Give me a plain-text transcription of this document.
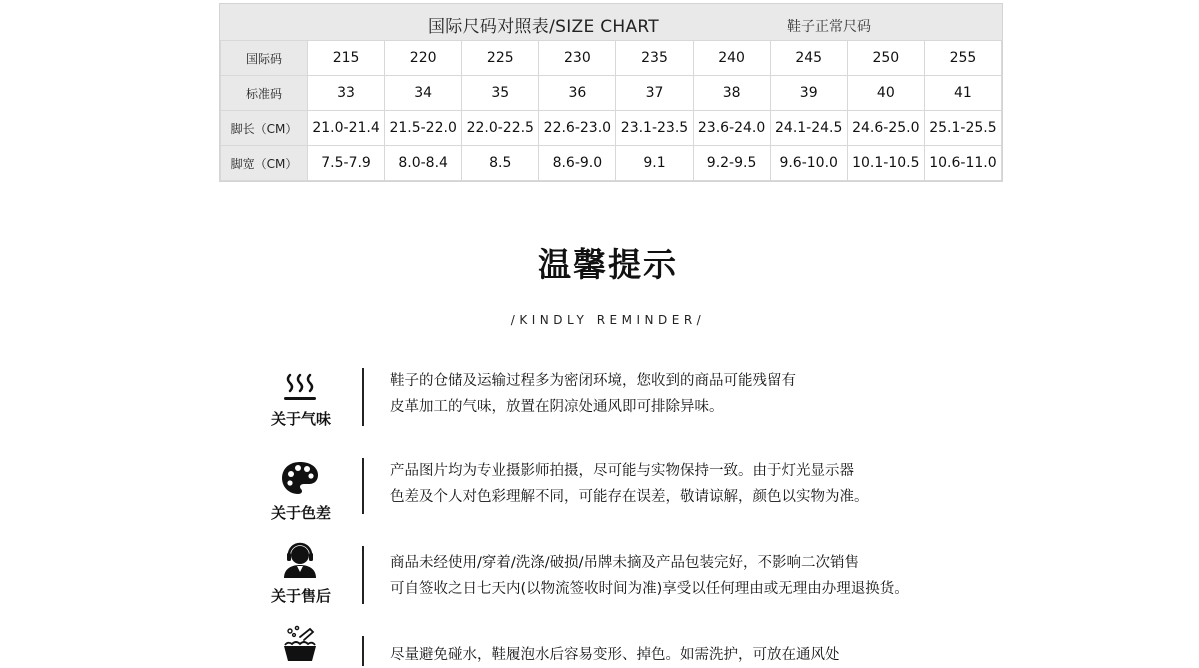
国际尺码对照表/SIZE CHART	鞋子正常尺码
国际码	215	220	225	230	235	240	245	250	255
标准码	33	34	35	36	37	38	39	40	41
脚长（CM）	21.0-21.4	21.5-22.0	22.0-22.5	22.6-23.0	23.1-23.5	23.6-24.0	24.1-24.5	24.6-25.0	25.1-25.5
脚宽（CM）	7.5-7.9	8.0-8.4	8.5	8.6-9.0	9.1	9.2-9.5	9.6-10.0	10.1-10.5	10.6-11.0
温馨提示
/KINDLY REMINDER/
关于气味
鞋子的仓储及运输过程多为密闭环境，您收到的商品可能残留有
皮革加工的气味，放置在阴凉处通风即可排除异味。
关于色差
产品图片均为专业摄影师拍摄，尽可能与实物保持一致。由于灯光显示器
色差及个人对色彩理解不同，可能存在误差，敬请谅解，颜色以实物为准。
关于售后
商品未经使用/穿着/洗涤/破损/吊牌未摘及产品包装完好，不影响二次销售
可自签收之日七天内(以物流签收时间为准)享受以任何理由或无理由办理退换货。
尽量避免碰水，鞋履泡水后容易变形、掉色。如需洗护，可放在通风处
